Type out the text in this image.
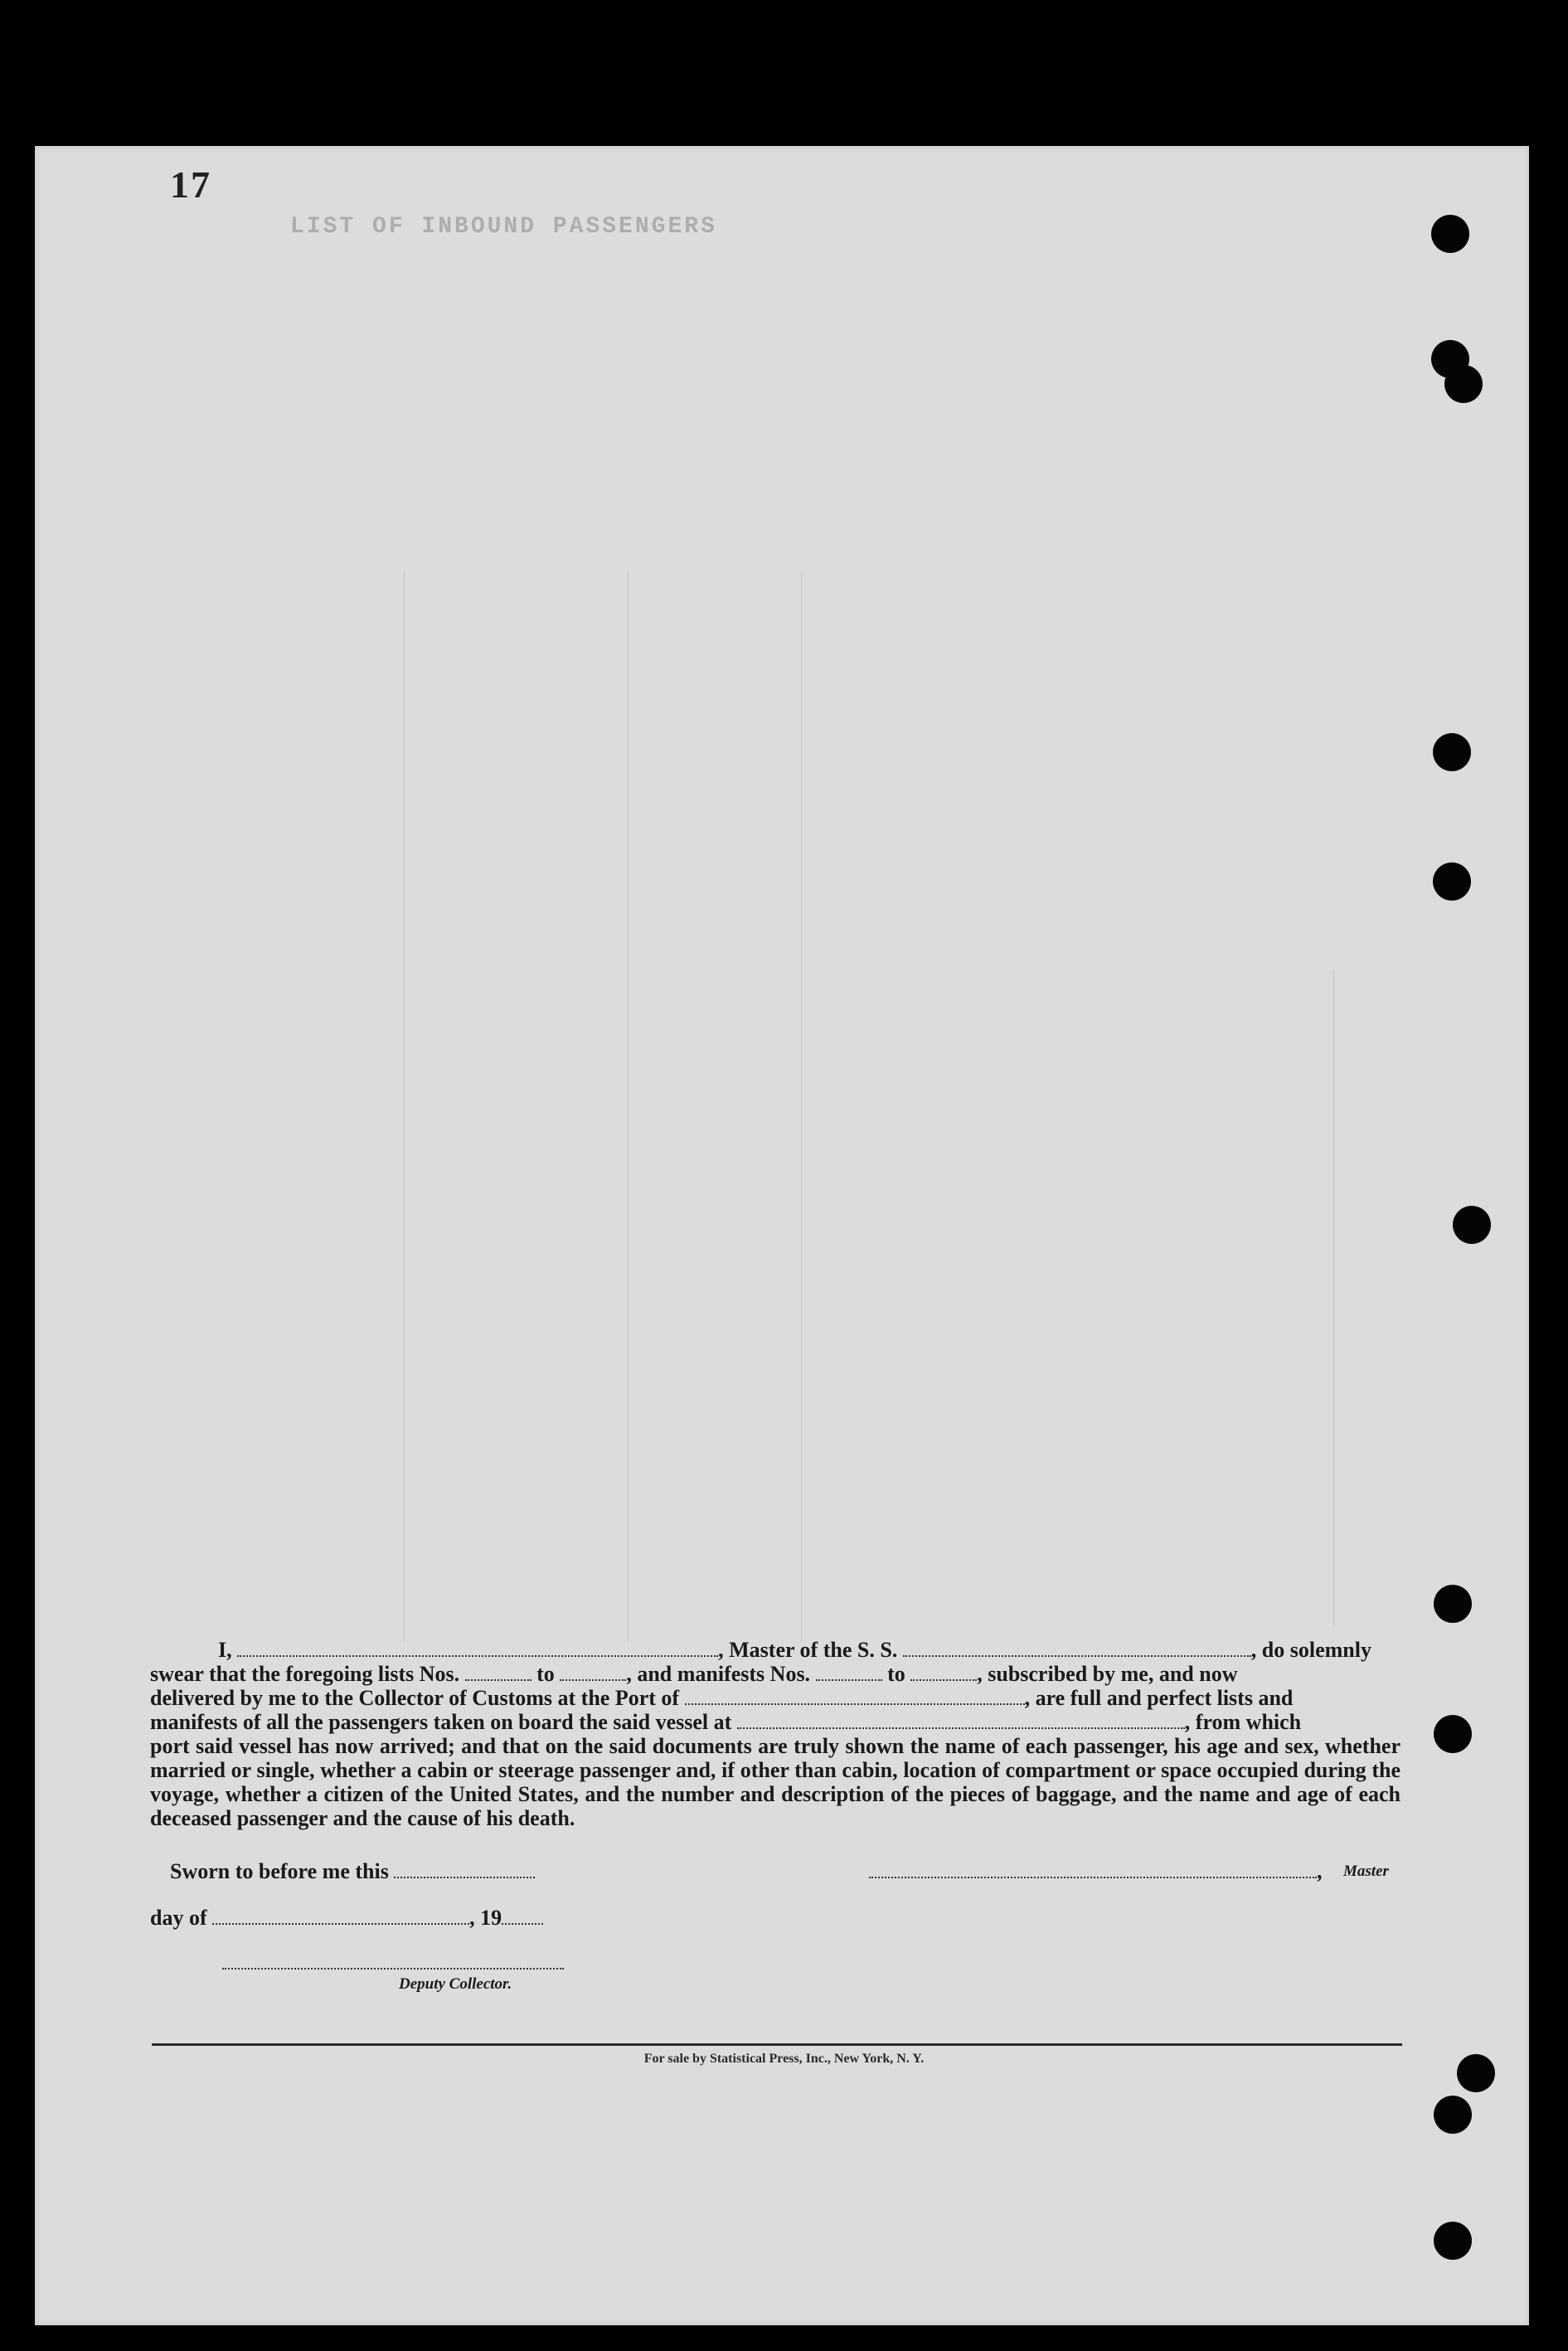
LIST OF INBOUND PASSENGERS
17

I,	, Master of the S. S.	, do solemnly

swear that the foregoing lists Nos.	to	, and manifests Nos.	to	, subscribed by me, and now

delivered by me to the Collector of Customs at the Port of	, are full and perfect lists and

manifests of all the passengers taken on board the said vessel at	, from which

port said vessel has now arrived; and that on the said documents are truly shown the name of each passenger, his age and sex, whether married or single, whether a cabin or steerage passenger and, if other than cabin, location of compartment or space occupied during the voyage, whether a citizen of the United States, and the number and description of the pieces of baggage, and the name and age of each deceased passenger and the cause of his death.

Sworn to before me this	, Master
day of	, 19
Deputy Collector.
For sale by Statistical Press, Inc., New York, N. Y.
